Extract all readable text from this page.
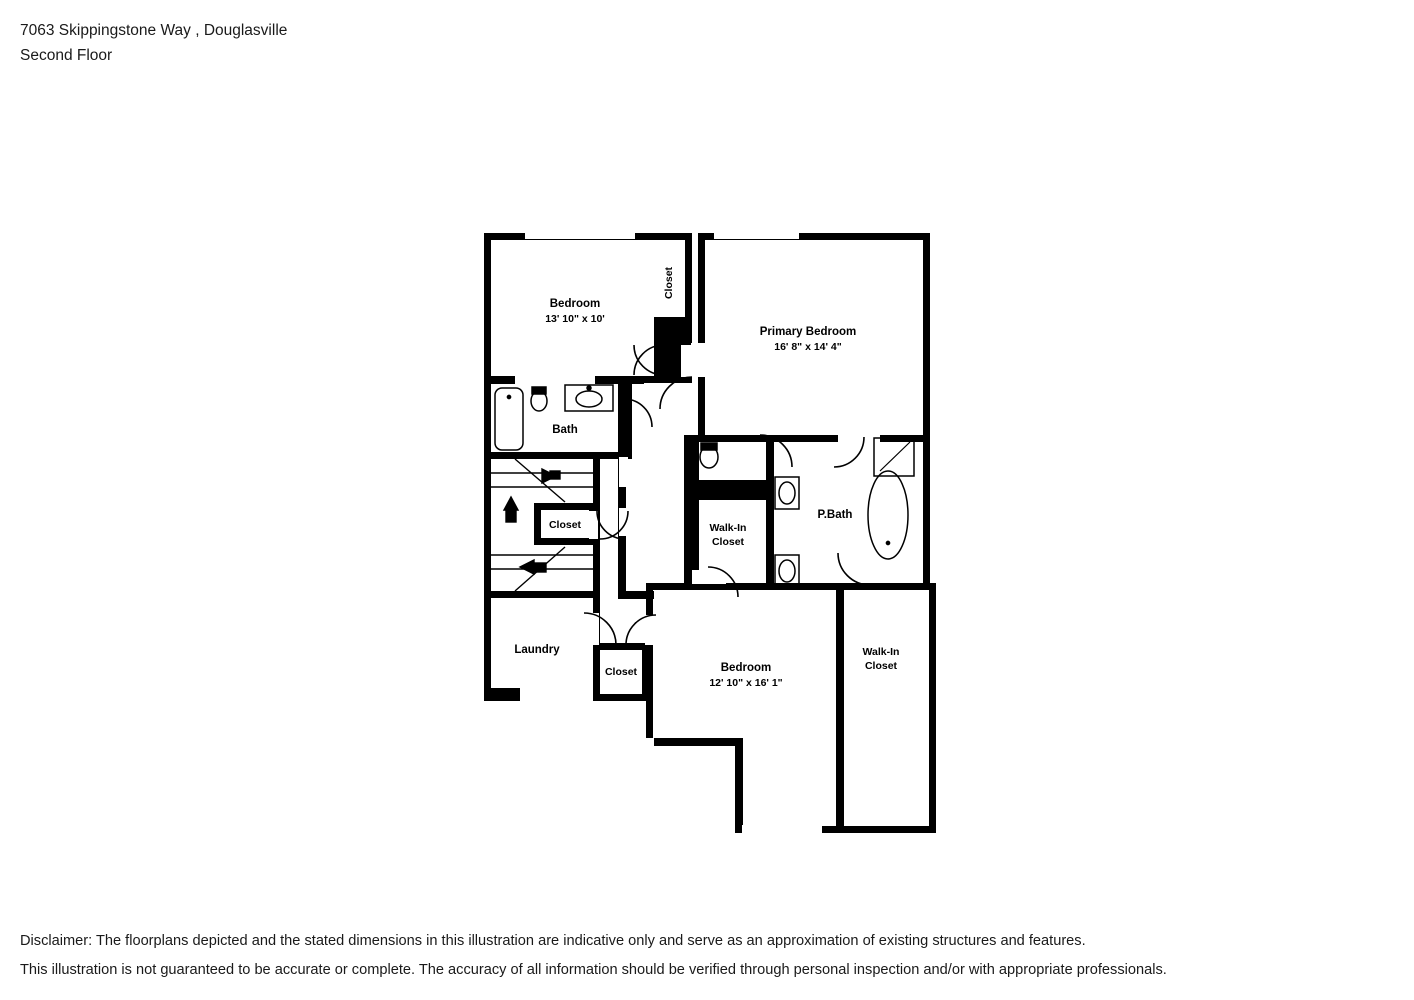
7063 Skippingstone Way , Douglasville
Second Floor
Bedroom
13' 10" x 10'
Closet
Primary Bedroom
16' 8" x 14' 4"
Bath
Closet	Walk-In
Closet
P.Bath
Laundry
Closet	Bedroom
12' 10" x 16' 1"
Walk-In
Closet
Disclaimer: The floorplans depicted and the stated dimensions in this illustration are indicative only and serve as an approximation of existing structures and features.
This illustration is not guaranteed to be accurate or complete. The accuracy of all information should be verified through personal inspection and/or with appropriate professionals.
